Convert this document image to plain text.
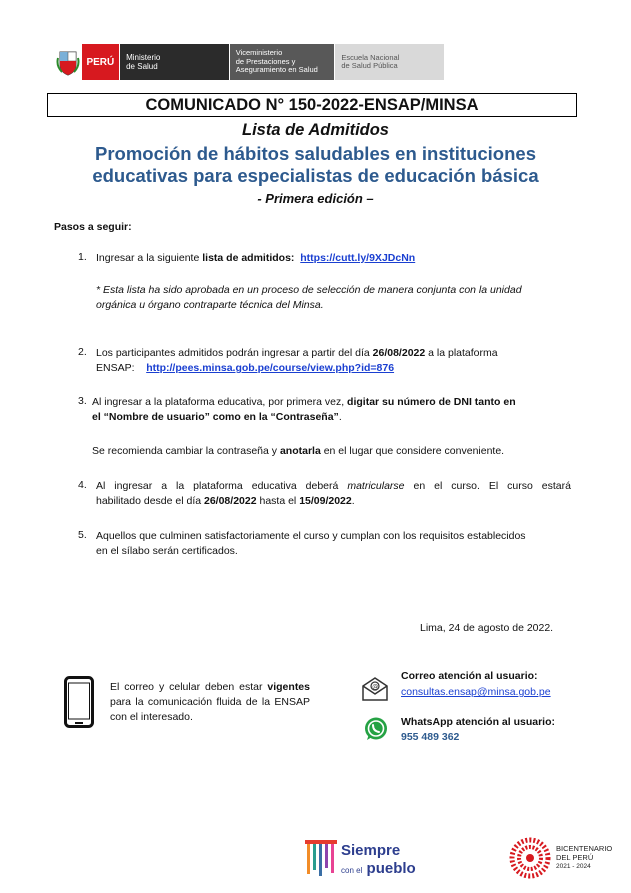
PERÚ	Ministerio
de Salud
Viceministerio
de Prestaciones y
Aseguramiento en Salud
Escuela Nacional
de Salud Pública
COMUNICADO N° 150-2022-ENSAP/MINSA
Lista de Admitidos
Promoción de hábitos saludables en instituciones
educativas para especialistas de educación básica
- Primera edición –
Pasos a seguir:
1. Ingresar a la siguiente lista de admitidos: https://cutt.ly/9XJDcNn
* Esta lista ha sido aprobada en un proceso de selección de manera conjunta con la unidad
orgánica u órgano contraparte técnica del Minsa.
2. Los participantes admitidos podrán ingresar a partir del día 26/08/2022 a la plataforma
ENSAP: http://pees.minsa.gob.pe/course/view.php?id=876
3. Al ingresar a la plataforma educativa, por primera vez, digitar su número de DNI tanto en
el “Nombre de usuario” como en la “Contraseña”.
Se recomienda cambiar la contraseña y anotarla en el lugar que considere conveniente.
4. Al ingresar a la plataforma educativa deberá matricularse en el curso. El curso estará
habilitado desde el día 26/08/2022 hasta el 15/09/2022.
5. Aquellos que culminen satisfactoriamente el curso y cumplan con los requisitos establecidos
en el sílabo serán certificados.
Lima, 24 de agosto de 2022.
El correo y celular deben estar vigentes para la comunicación fluida de la ENSAP con el interesado.
@
Correo atención al usuario:
consultas.ensap@minsa.gob.pe
WhatsApp atención al usuario:
955 489 362
Siempre
con el pueblo
BICENTENARIO
DEL PERÚ
2021 - 2024
